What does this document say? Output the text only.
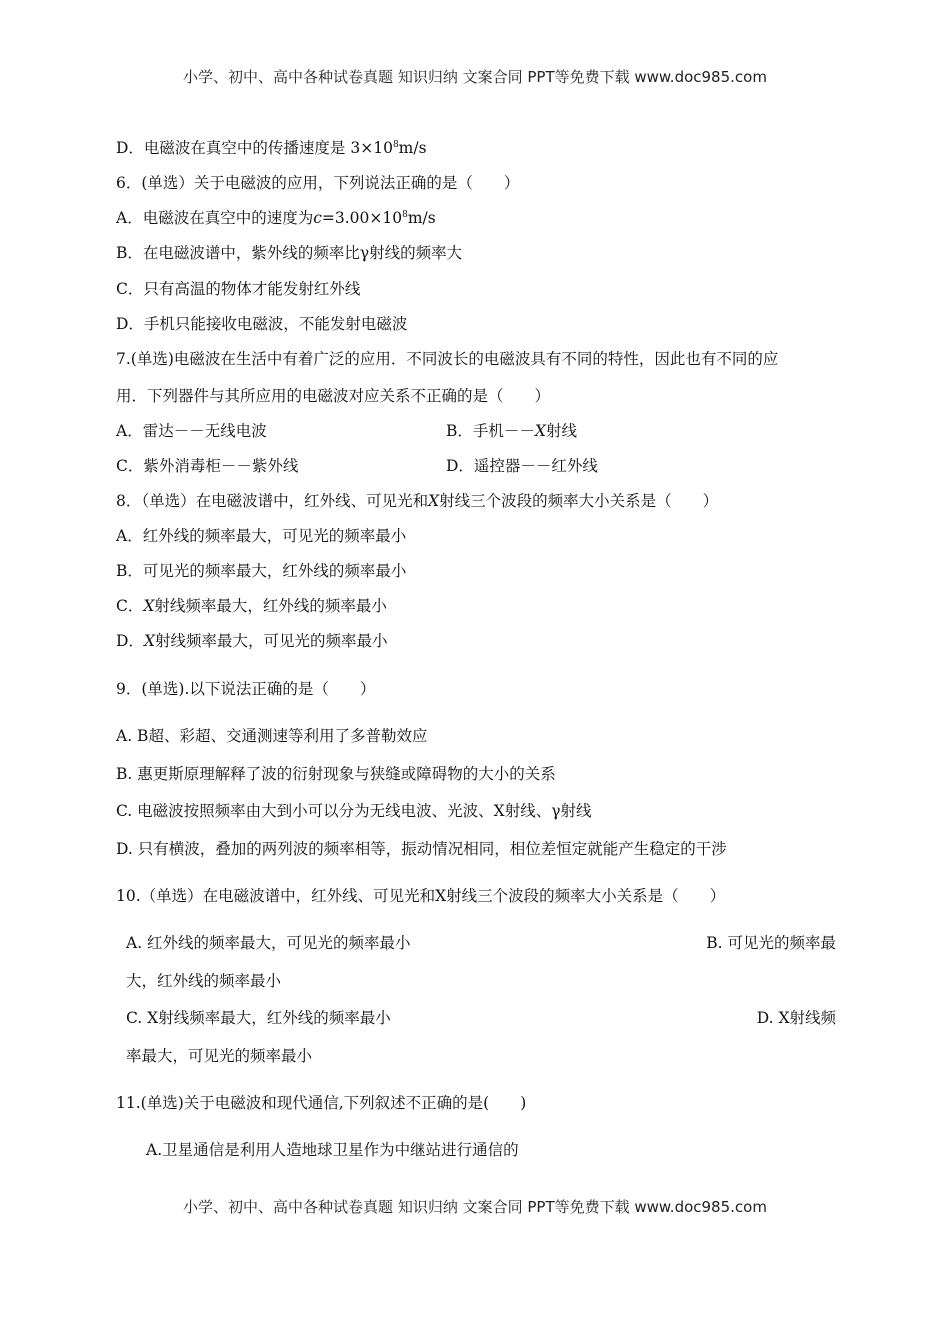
小学、初中、高中各种试卷真题 知识归纳 文案合同 PPT等免费下载 www.doc985.com
D．电磁波在真空中的传播速度是 $3\times 10^8m/s$
6．(单选）关于电磁波的应用，下列说法正确的是（　　）
A．电磁波在真空中的速度为$c=3.00\times 10^8m/s$
B．在电磁波谱中，紫外线的频率比γ射线的频率大
C．只有高温的物体才能发射红外线
D．手机只能接收电磁波，不能发射电磁波
7.(单选)电磁波在生活中有着广泛的应用．不同波长的电磁波具有不同的特性，因此也有不同的应
用．下列器件与其所应用的电磁波对应关系不正确的是（　　）
A．雷达－－无线电波	B．手机－－X射线
C．紫外消毒柜－－紫外线	D．遥控器－－红外线
8．（单选）在电磁波谱中，红外线、可见光和X射线三个波段的频率大小关系是（　　）
A．红外线的频率最大，可见光的频率最小
B．可见光的频率最大，红外线的频率最小
C．X射线频率最大，红外线的频率最小
D．X射线频率最大，可见光的频率最小
9．(单选).以下说法正确的是（　　）
A. B超、彩超、交通测速等利用了多普勒效应
B. 惠更斯原理解释了波的衍射现象与狭缝或障碍物的大小的关系
C. 电磁波按照频率由大到小可以分为无线电波、光波、X射线、γ射线
D. 只有横波，叠加的两列波的频率相等，振动情况相同，相位差恒定就能产生稳定的干涉
10.（单选）在电磁波谱中，红外线、可见光和X射线三个波段的频率大小关系是（　　）
A. 红外线的频率最大，可见光的频率最小	B. 可见光的频率最
大，红外线的频率最小
C. X射线频率最大，红外线的频率最小	D. X射线频
率最大，可见光的频率最小
11.(单选)关于电磁波和现代通信,下列叙述不正确的是(　　)
A.卫星通信是利用人造地球卫星作为中继站进行通信的
小学、初中、高中各种试卷真题 知识归纳 文案合同 PPT等免费下载 www.doc985.com
